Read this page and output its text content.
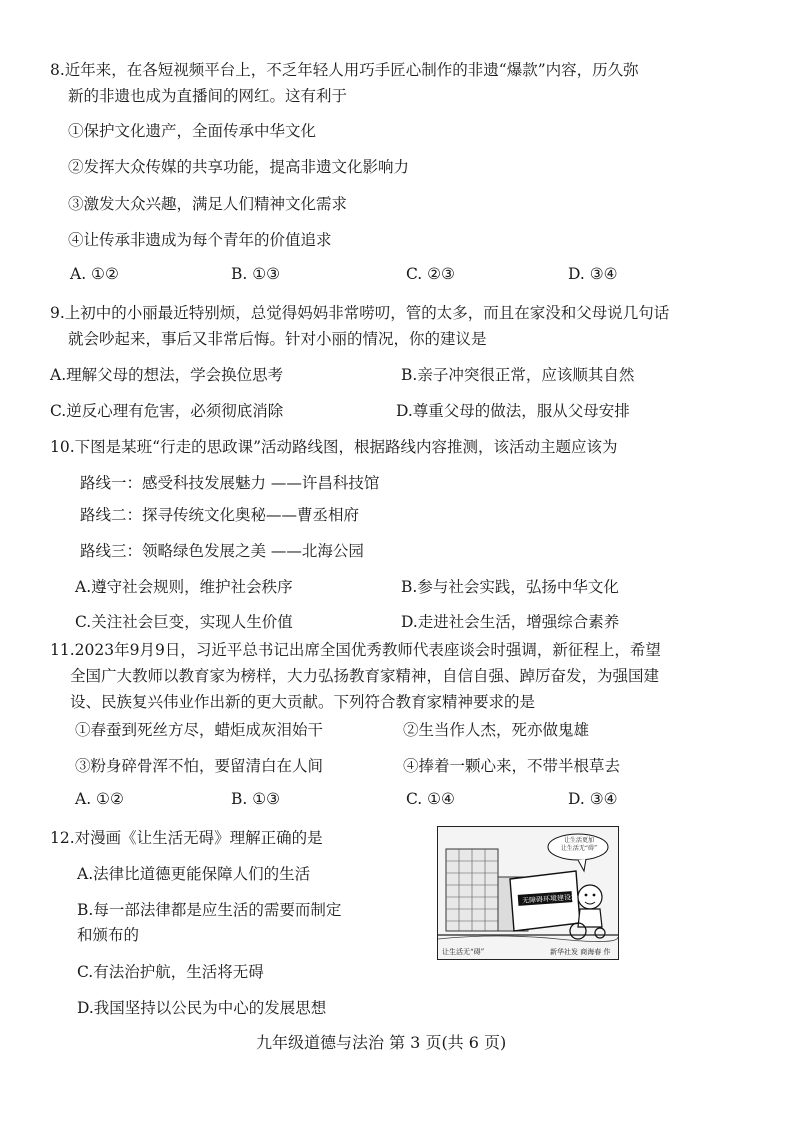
8.近年来，在各短视频平台上，不乏年轻人用巧手匠心制作的非遗“爆款”内容，历久弥
新的非遗也成为直播间的网红。这有利于
①保护文化遗产，全面传承中华文化
②发挥大众传媒的共享功能，提高非遗文化影响力
③激发大众兴趣，满足人们精神文化需求
④让传承非遗成为每个青年的价值追求
A. ①②	B. ①③	C. ②③	D. ③④
9.上初中的小丽最近特别烦，总觉得妈妈非常唠叨，管的太多，而且在家没和父母说几句话
就会吵起来，事后又非常后悔。针对小丽的情况，你的建议是
A.理解父母的想法，学会换位思考	B.亲子冲突很正常，应该顺其自然
C.逆反心理有危害，必须彻底消除	D.尊重父母的做法，服从父母安排
10.下图是某班“行走的思政课”活动路线图，根据路线内容推测，该活动主题应该为
路线一：感受科技发展魅力 ——许昌科技馆
路线二：探寻传统文化奥秘——曹丞相府
路线三：领略绿色发展之美 ——北海公园
A.遵守社会规则，维护社会秩序	B.参与社会实践，弘扬中华文化
C.关注社会巨变，实现人生价值	D.走进社会生活，增强综合素养
11.2023年9月9日，习近平总书记出席全国优秀教师代表座谈会时强调，新征程上，希望
全国广大教师以教育家为榜样，大力弘扬教育家精神，自信自强、踔厉奋发，为强国建
设、民族复兴伟业作出新的更大贡献。下列符合教育家精神要求的是
①春蚕到死丝方尽，蜡炬成灰泪始干	②生当作人杰，死亦做鬼雄
③粉身碎骨浑不怕，要留清白在人间	④捧着一颗心来，不带半根草去
A. ①②	B. ①③	C. ①④	D. ③④
12.对漫画《让生活无碍》理解正确的是
A.法律比道德更能保障人们的生活
B.每一部法律都是应生活的需要而制定
和颁布的
C.有法治护航，生活将无碍
D.我国坚持以公民为中心的发展思想
让生活更加
让生活无“碍”
无障碍环境建设法
让生活无“碍”	新华社发 商海春 作
九年级道德与法治 第 3 页(共 6 页)
